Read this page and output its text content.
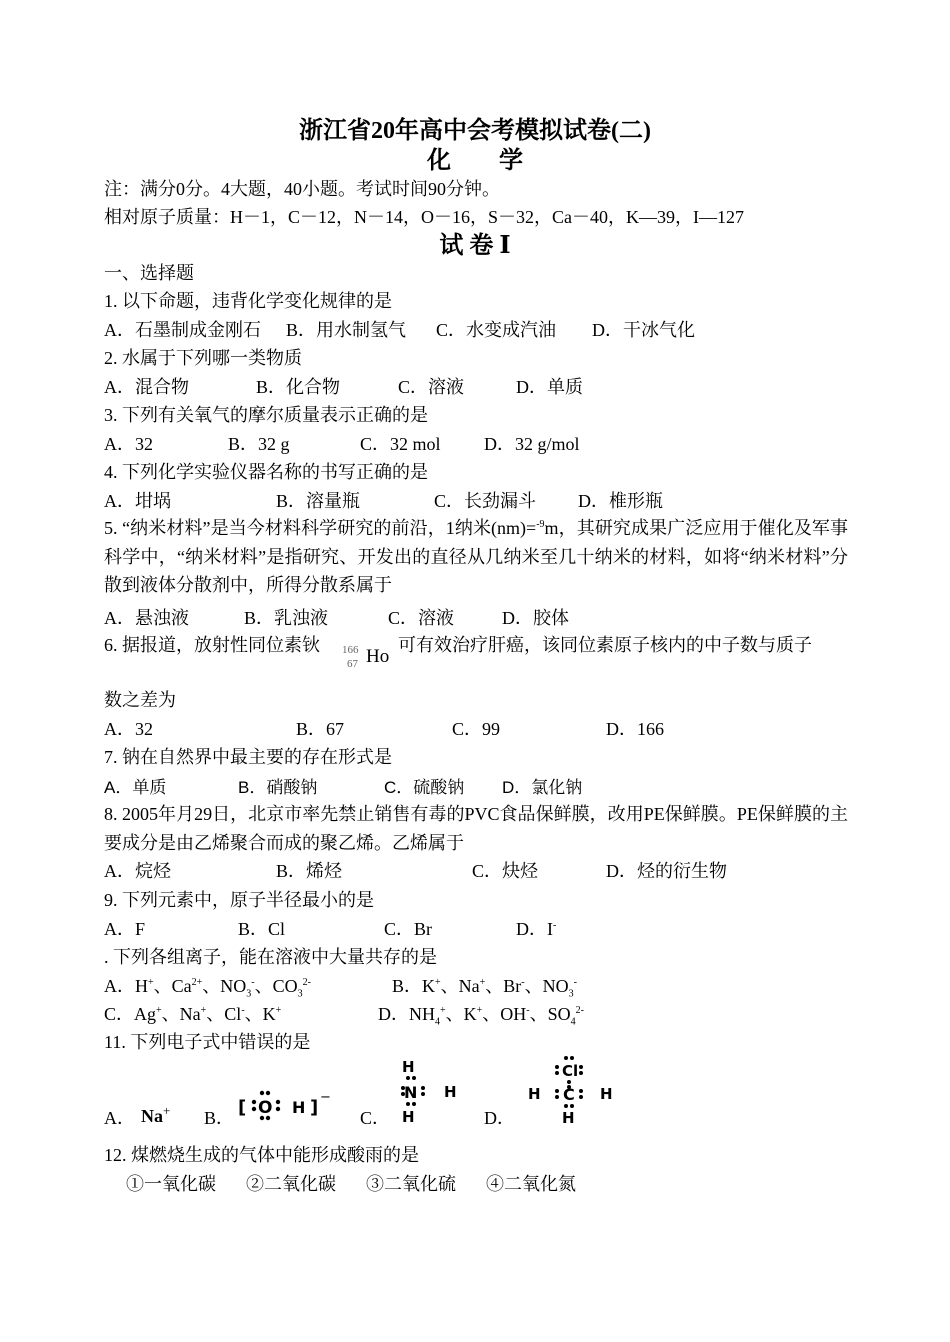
浙江省20年高中会考模拟试卷(二)
化　　学
注：满分0分。4大题，40小题。考试时间90分钟。
相对原子质量：H－1，C－12，N－14，O－16，S－32，Ca－40，K—39，I—127
试 卷 Ⅰ
一、选择题
1. 以下命题，违背化学变化规律的是
A．石墨制成金刚石 B．用水制氢气 C．水变成汽油 D．干冰气化
2. 水属于下列哪一类物质
A．混合物	B．化合物	C．溶液	D．单质
3. 下列有关氧气的摩尔质量表示正确的是
A．32	B．32 g	C．32 mol D．32 g/mol
4. 下列化学实验仪器名称的书写正确的是
A．坩埚	B．溶量瓶	C．长劲漏斗 D．椎形瓶
5. “纳米材料”是当今材料科学研究的前沿，1纳米(nm)=$^{-9}$m，其研究成果广泛应用于催化及军事科学中，“纳米材料”是指研究、开发出的直径从几纳米至几十纳米的材料，如将“纳米材料”分散到液体分散剂中，所得分散系属于
A．悬浊液	B．乳浊液	C．溶液	D．胶体
6. 据报道，放射性同位素钬 166
67 Ho
可有效治疗肝癌，该同位素原子核内的中子数与质子
数之差为
A．32	B．67	C．99	D．166
7. 钠在自然界中最主要的存在形式是
A．单质	B．硝酸钠	C．硫酸钠 D．氯化钠
8. 2005年月29日，北京市率先禁止销售有毒的PVC食品保鲜膜，改用PE保鲜膜。PE保鲜膜的主要成分是由乙烯聚合而成的聚乙烯。乙烯属于
A．烷烃	B．烯烃	C．炔烃	D．烃的衍生物
9. 下列元素中，原子半径最小的是
A．F	B．Cl	C．Br	D．I-
. 下列各组离子，能在溶液中大量共存的是
A．H+、$Ca^{2+}$、$NO_3^-$、$CO_3^{2-}$	B．K+、Na+、Br-、$NO_3^-$
C．Ag+、Na+、Cl-、K+	D．$NH_4^+$、K+、OH-、$SO_4^{2-}$
11. 下列电子式中错误的是
A． Na+ B． [ O H ] −
C．
H
N H
H	D．
Cl
H C H
H
12. 煤燃烧生成的气体中能形成酸雨的是
①一氧化碳 ②二氧化碳 ③二氧化硫 ④二氧化氮
